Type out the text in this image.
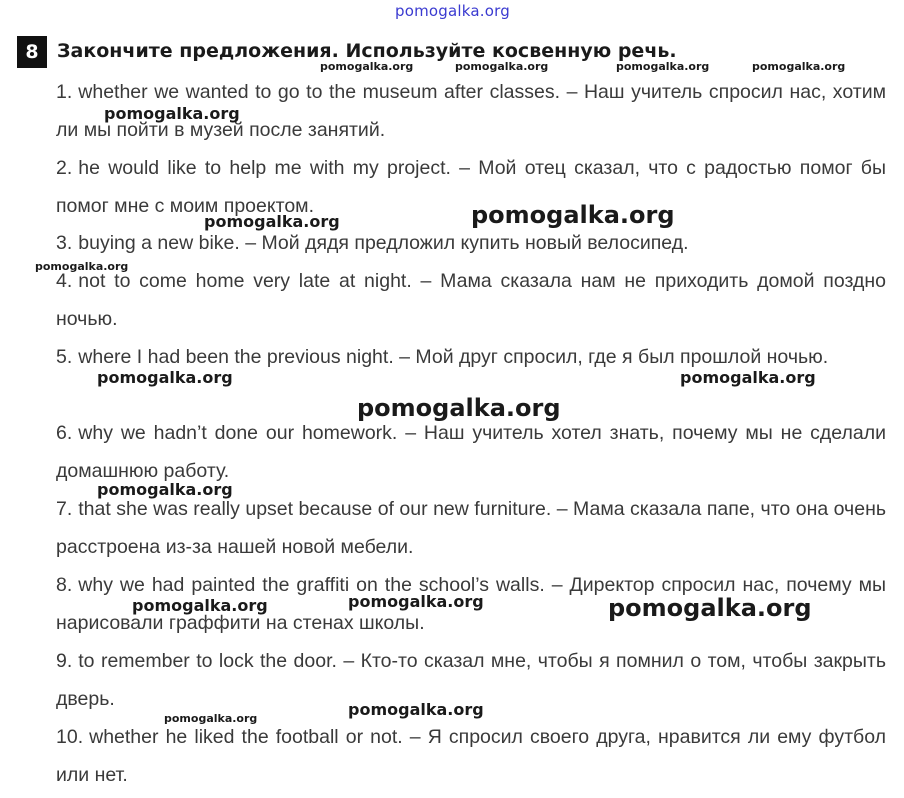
pomogalka.org
8 Закончите предложения. Используйте косвенную речь.
1. whether we wanted to go to the museum after classes. – Наш учитель спросил нас, хотим ли мы пойти в музей после занятий.
2. he would like to help me with my project. – Мой отец сказал, что с радостью помог бы помог мне с моим проектом.
3. buying a new bike. – Мой дядя предложил купить новый велосипед.
4. not to come home very late at night. – Мама сказала нам не приходить домой поздно ночью.
5. where I had been the previous night. – Мой друг спросил, где я был прошлой ночью.
6. why we hadn’t done our homework. – Наш учитель хотел знать, почему мы не сделали домашнюю работу.
7. that she was really upset because of our new furniture. – Мама сказала папе, что она очень расстроена из-за нашей новой мебели.
8. why we had painted the graffiti on the school’s walls. – Директор спросил нас, почему мы нарисовали граффити на стенах школы.
9. to remember to lock the door. – Кто-то сказал мне, чтобы я помнил о том, чтобы закрыть дверь.
10. whether he liked the football or not. – Я спросил своего друга, нравится ли ему футбол или нет.
pomogalka.org	pomogalka.org	pomogalka.org	pomogalka.org
pomogalka.org
pomogalka.org	pomogalka.org
pomogalka.org
pomogalka.org	pomogalka.org
pomogalka.org
pomogalka.org
pomogalka.org	pomogalka.org	pomogalka.org
pomogalka.org
pomogalka.org
